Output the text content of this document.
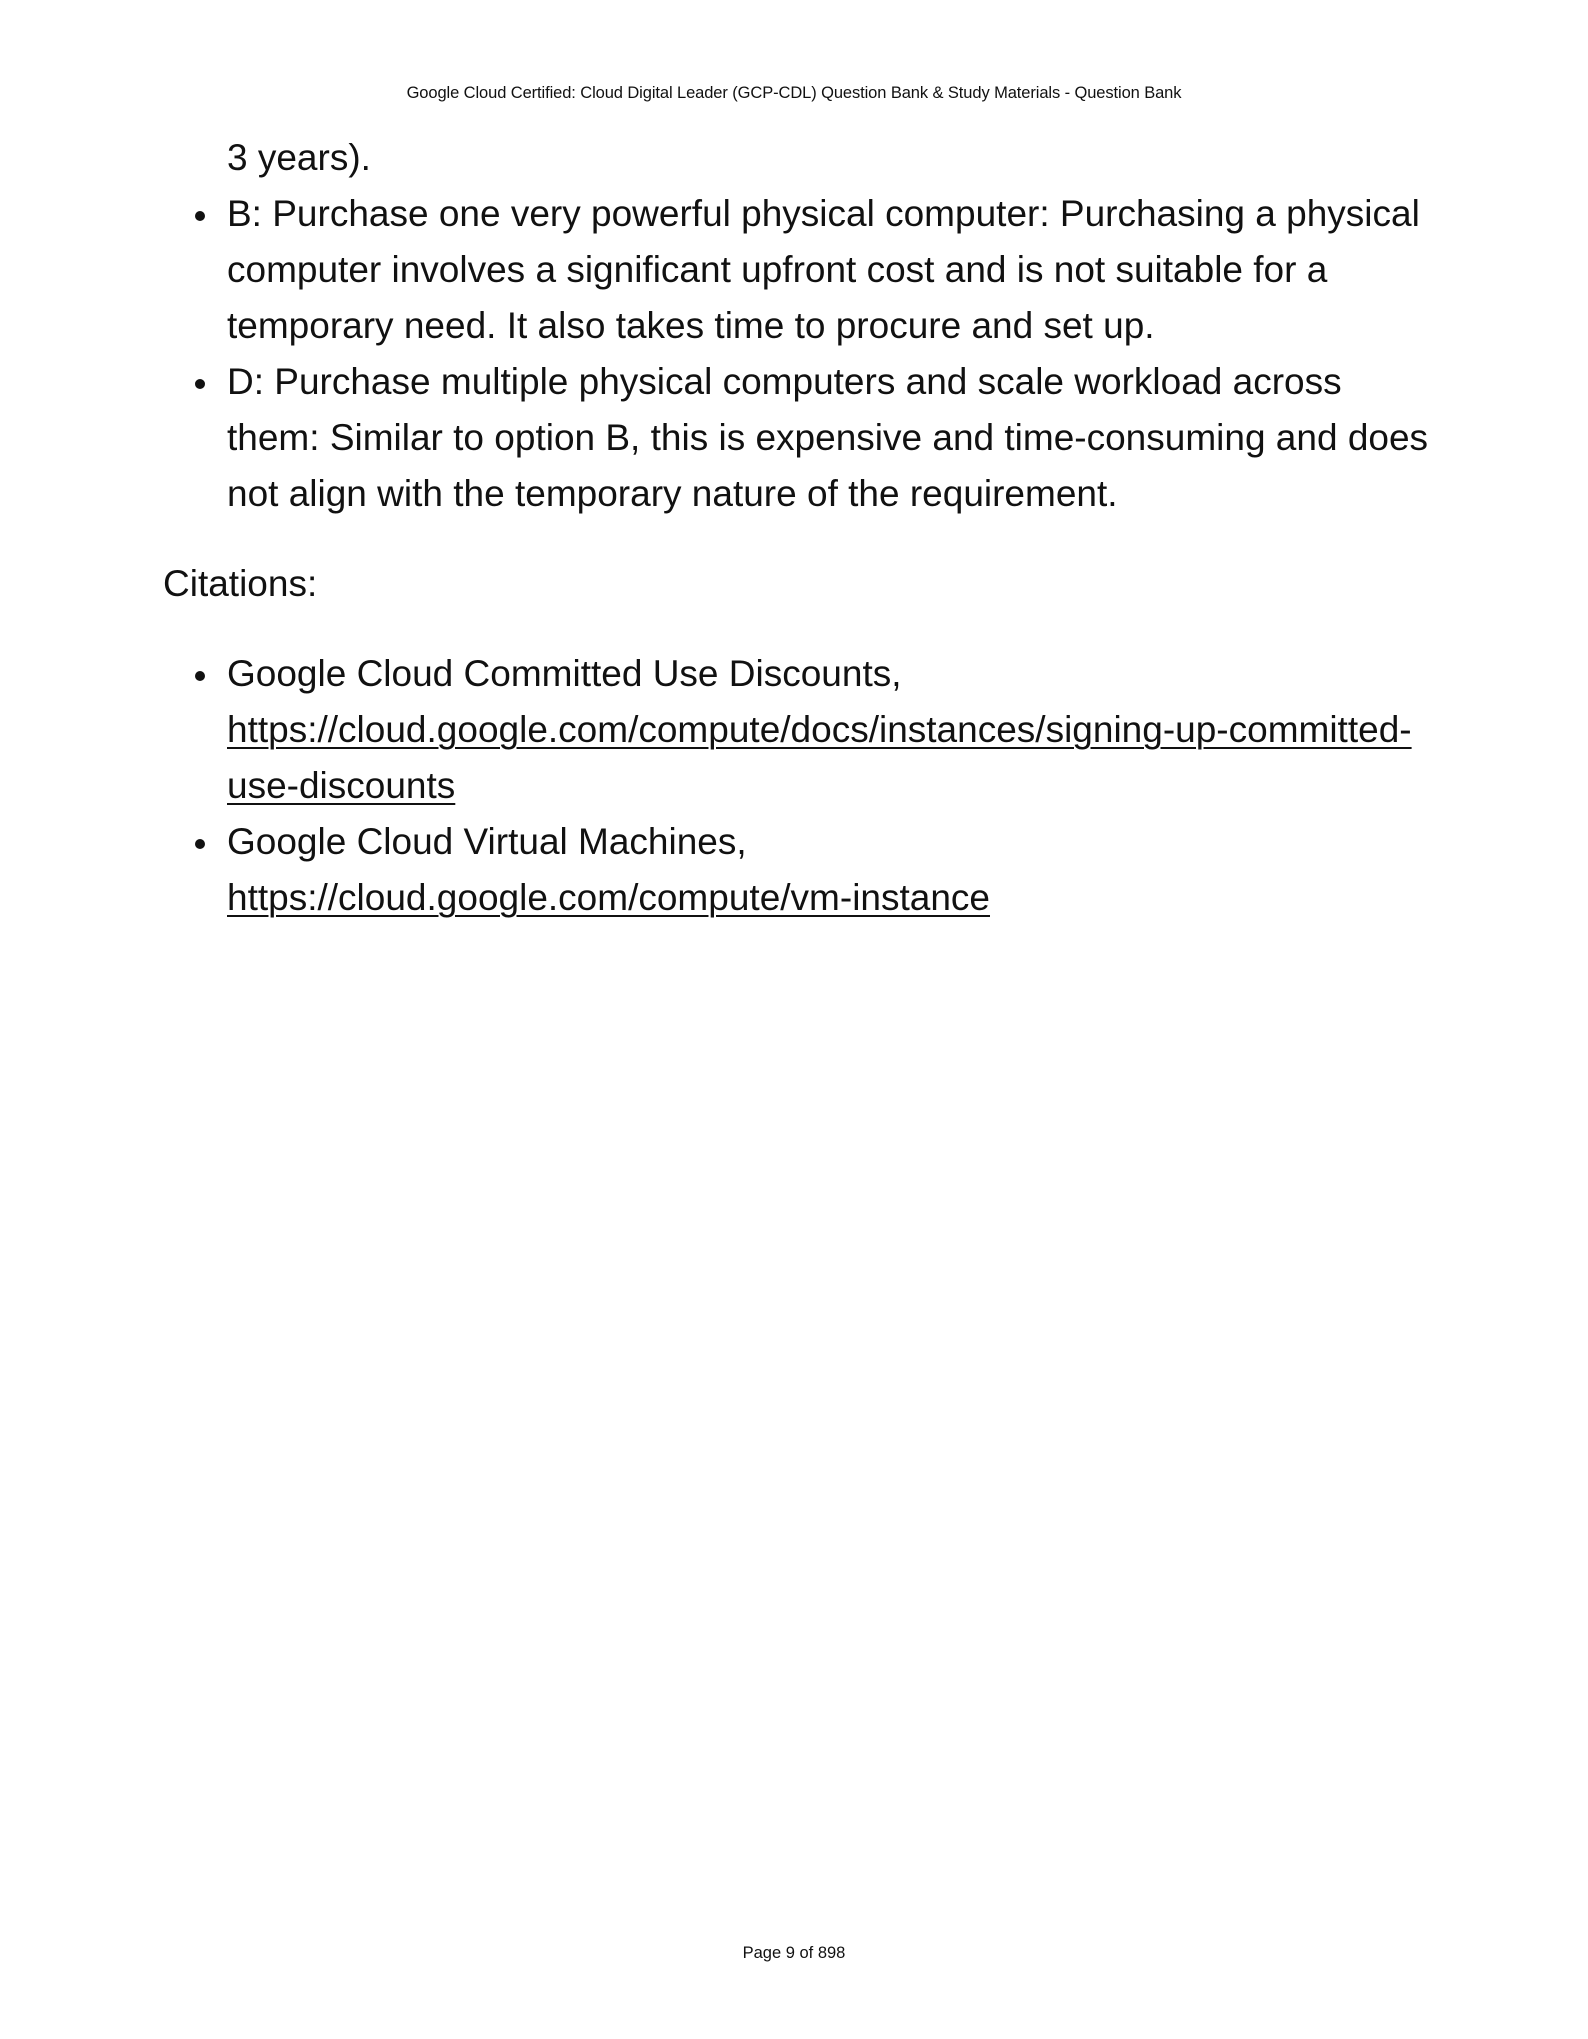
Google Cloud Certified: Cloud Digital Leader (GCP-CDL) Question Bank & Study Materials - Question Bank
3 years).
B: Purchase one very powerful physical computer: Purchasing a physical computer involves a significant upfront cost and is not suitable for a temporary need. It also takes time to procure and set up.
D: Purchase multiple physical computers and scale workload across them: Similar to option B, this is expensive and time-consuming and does not align with the temporary nature of the requirement.
Citations:
Google Cloud Committed Use Discounts,
https://cloud.google.com/compute/docs/instances/signing-up-committed-use-discounts
Google Cloud Virtual Machines,
https://cloud.google.com/compute/vm-instance
Page 9 of 898
